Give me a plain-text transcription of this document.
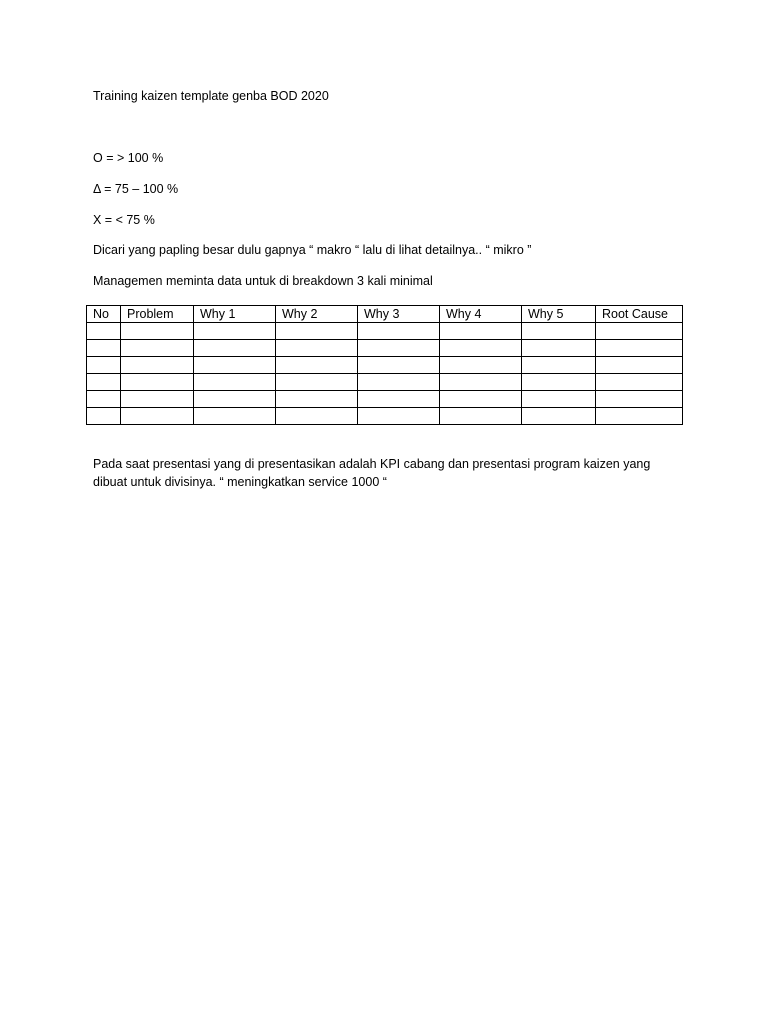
Training kaizen template genba BOD 2020
O = > 100 %
Δ = 75 – 100 %
X = < 75 %
Dicari yang papling besar dulu gapnya “ makro “ lalu di lihat detailnya.. “ mikro ”
Managemen meminta data untuk di breakdown 3 kali minimal
No	Problem	Why 1	Why 2	Why 3	Why 4	Why 5	Root Cause

Pada saat presentasi yang di presentasikan adalah KPI cabang dan presentasi program kaizen yang dibuat untuk divisinya. “ meningkatkan service 1000 “
